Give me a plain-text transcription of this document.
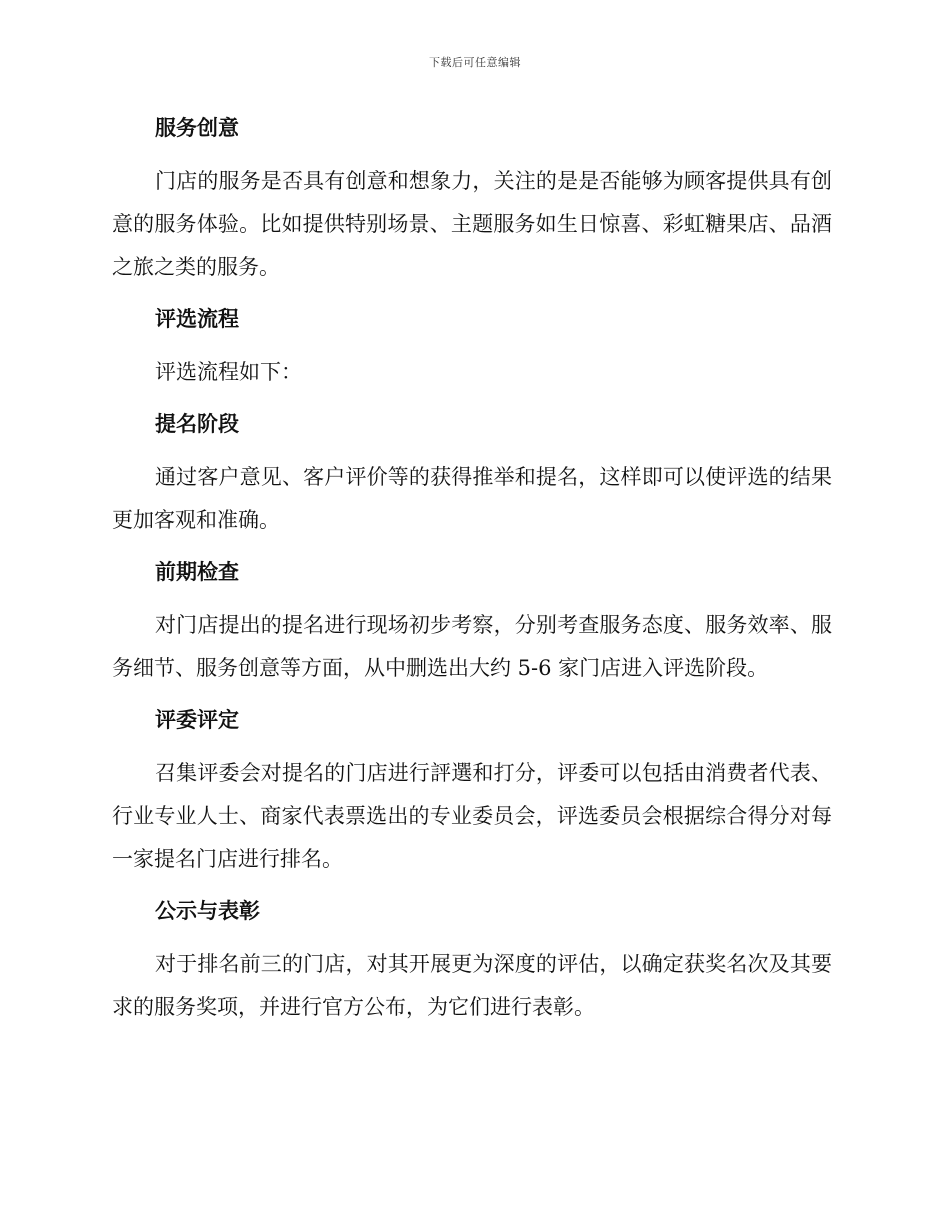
下载后可任意编辑
服务创意

门店的服务是否具有创意和想象力，关注的是是否能够为顾客提供具有创意的服务体验。比如提供特别场景、主题服务如生日惊喜、彩虹糖果店、品酒之旅之类的服务。

评选流程

评选流程如下：

提名阶段

通过客户意见、客户评价等的获得推举和提名，这样即可以使评选的结果更加客观和准确。

前期检查

对门店提出的提名进行现场初步考察，分别考查服务态度、服务效率、服务细节、服务创意等方面，从中删选出大约 5-6 家门店进入评选阶段。

评委评定

召集评委会对提名的门店进行評選和打分，评委可以包括由消费者代表、行业专业人士、商家代表票选出的专业委员会，评选委员会根据综合得分对每一家提名门店进行排名。

公示与表彰

对于排名前三的门店，对其开展更为深度的评估，以确定获奖名次及其要求的服务奖项，并进行官方公布，为它们进行表彰。
